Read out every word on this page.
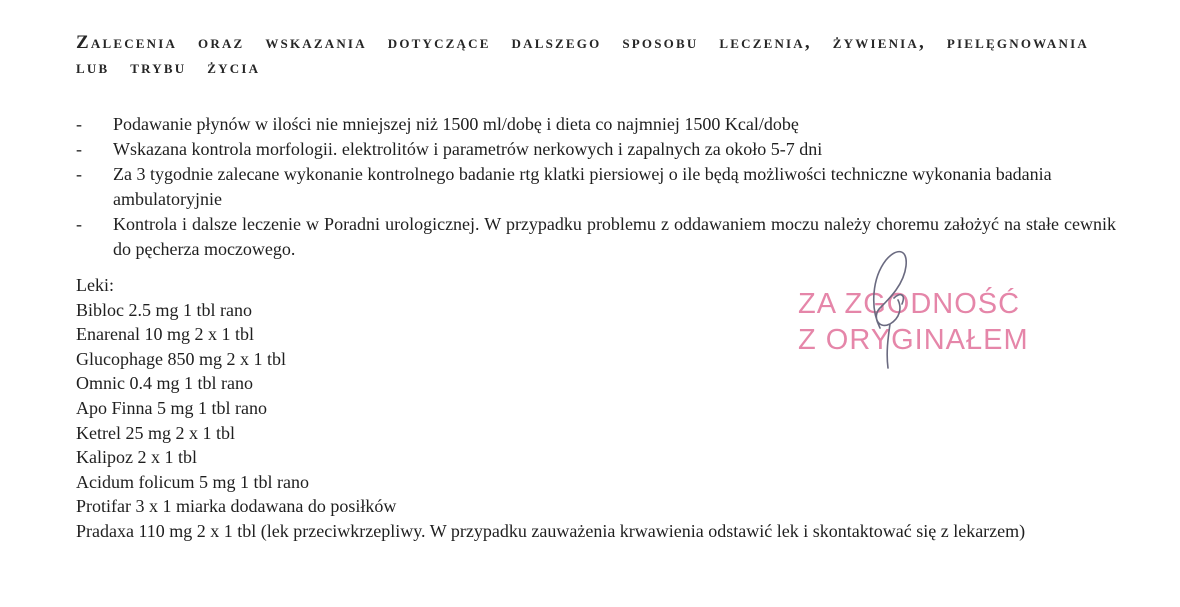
Zalecenia oraz wskazania dotyczące dalszego sposobu leczenia, żywienia, pielęgnowania lub trybu życia
- Podawanie płynów w ilości nie mniejszej niż 1500 ml/dobę i dieta co najmniej 1500 Kcal/dobę
- Wskazana kontrola morfologii. elektrolitów i parametrów nerkowych i zapalnych za około 5-7 dni
- Za 3 tygodnie zalecane wykonanie kontrolnego badanie rtg klatki piersiowej o ile będą możliwości techniczne wykonania badania ambulatoryjnie
- Kontrola i dalsze leczenie w Poradni urologicznej. W przypadku problemu z oddawaniem moczu należy choremu założyć na stałe cewnik do pęcherza moczowego.
Leki:
Bibloc 2.5 mg 1 tbl rano
Enarenal 10 mg 2 x 1 tbl
Glucophage 850 mg 2 x 1 tbl
Omnic 0.4 mg 1 tbl rano
Apo Finna 5 mg 1 tbl rano
Ketrel 25 mg 2 x 1 tbl
Kalipoz 2 x 1 tbl
Acidum folicum 5 mg 1 tbl rano
Protifar 3 x 1 miarka dodawana do posiłków
Pradaxa 110 mg 2 x 1 tbl (lek przeciwkrzepliwy. W przypadku zauważenia krwawienia odstawić lek i skontaktować się z lekarzem)
ZA ZGODNOŚĆ
Z ORYGINAŁEM
